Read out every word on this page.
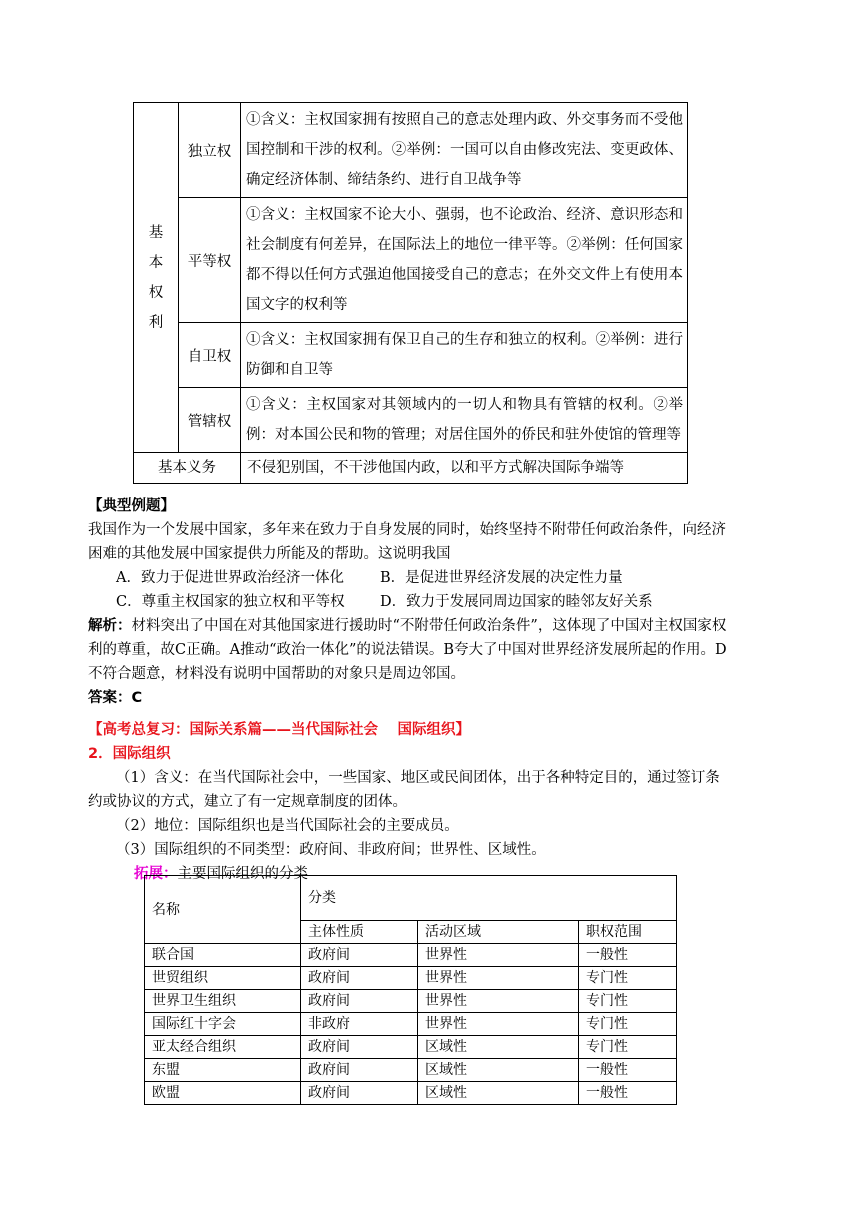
基
本
权
利	独立权	①含义：主权国家拥有按照自己的意志处理内政、外交事务而不受他国控制和干涉的权利。②举例：一国可以自由修改宪法、变更政体、确定经济体制、缔结条约、进行自卫战争等
	平等权	①含义：主权国家不论大小、强弱，也不论政治、经济、意识形态和社会制度有何差异，在国际法上的地位一律平等。②举例：任何国家都不得以任何方式强迫他国接受自己的意志；在外交文件上有使用本国文字的权利等
	自卫权	①含义：主权国家拥有保卫自己的生存和独立的权利。②举例：进行防御和自卫等
	管辖权	①含义：主权国家对其领域内的一切人和物具有管辖的权利。②举例：对本国公民和物的管理；对居住国外的侨民和驻外使馆的管理等
基本义务		不侵犯别国，不干涉他国内政，以和平方式解决国际争端等
【典型例题】
我国作为一个发展中国家，多年来在致力于自身发展的同时，始终坚持不附带任何政治条件，向经济困难的其他发展中国家提供力所能及的帮助。这说明我国
A．致力于促进世界政治经济一体化 B．是促进世界经济发展的决定性力量
C．尊重主权国家的独立权和平等权 D．致力于发展同周边国家的睦邻友好关系
解析：材料突出了中国在对其他国家进行援助时“不附带任何政治条件”，这体现了中国对主权国家权利的尊重，故C正确。A推动“政治一体化”的说法错误。B夸大了中国对世界经济发展所起的作用。D不符合题意，材料没有说明中国帮助的对象只是周边邻国。
答案：C
【高考总复习：国际关系篇——当代国际社会　 国际组织】
2．国际组织
（1）含义：在当代国际社会中，一些国家、地区或民间团体，出于各种特定目的，通过签订条约或协议的方式，建立了有一定规章制度的团体。
（2）地位：国际组织也是当代国际社会的主要成员。
（3）国际组织的不同类型：政府间、非政府间；世界性、区域性。
拓展：主要国际组织的分类
名称	分类		
	主体性质	活动区域	职权范围
联合国	政府间	世界性	一般性
世贸组织	政府间	世界性	专门性
世界卫生组织	政府间	世界性	专门性
国际红十字会	非政府	世界性	专门性
亚太经合组织	政府间	区域性	专门性
东盟	政府间	区域性	一般性
欧盟	政府间	区域性	一般性
